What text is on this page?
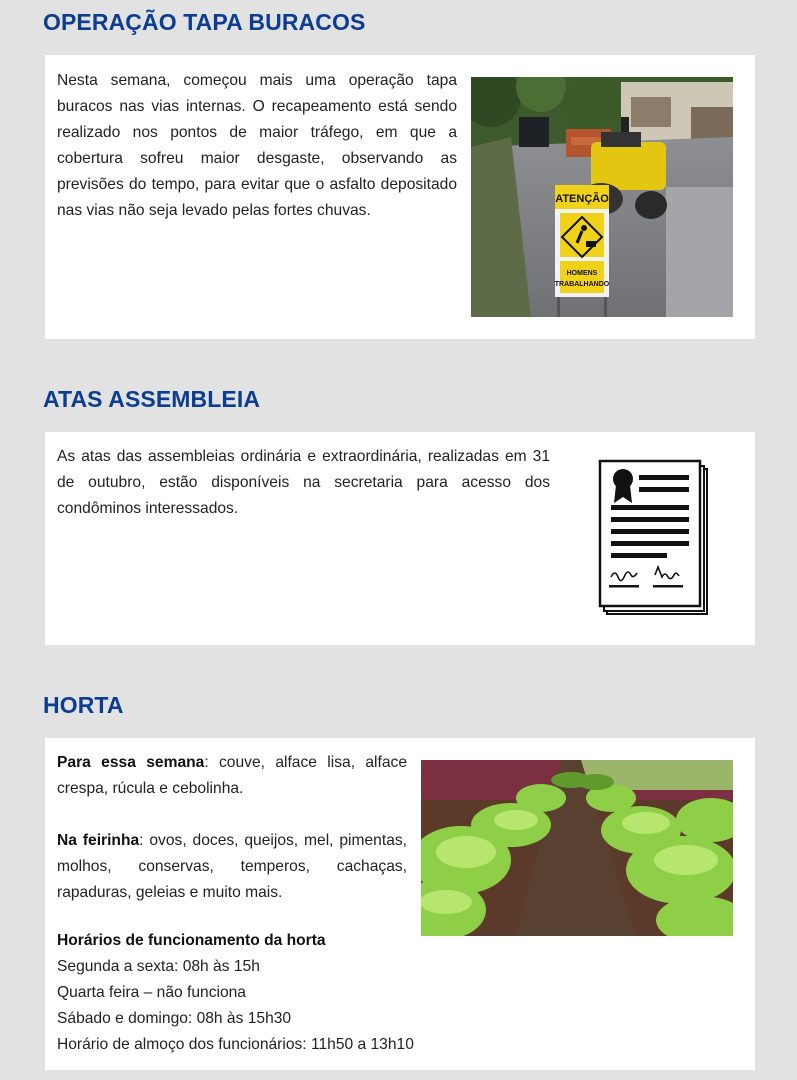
OPERAÇÃO TAPA BURACOS
Nesta semana, começou mais uma operação tapa buracos nas vias internas. O recapeamento está sendo realizado nos pontos de maior tráfego, em que a cobertura sofreu maior desgaste, observando as previsões do tempo, para evitar que o asfalto depositado nas vias não seja levado pelas fortes chuvas.
ATENÇÃO
HOMENS
TRABALHANDO
ATAS ASSEMBLEIA
As atas das assembleias ordinária e extraordinária, realizadas em 31 de outubro, estão disponíveis na secretaria para acesso dos condôminos interessados.
HORTA

Para essa semana: couve, alface lisa, alface crespa, rúcula e cebolinha.

Na feirinha: ovos, doces, queijos, mel, pimentas, molhos, conservas, temperos, cachaças, rapaduras, geleias e muito mais.

Horários de funcionamento da horta

Segunda a sexta: 08h às 15h

Quarta feira – não funciona

Sábado e domingo: 08h às 15h30

Horário de almoço dos funcionários: 11h50 a 13h10
